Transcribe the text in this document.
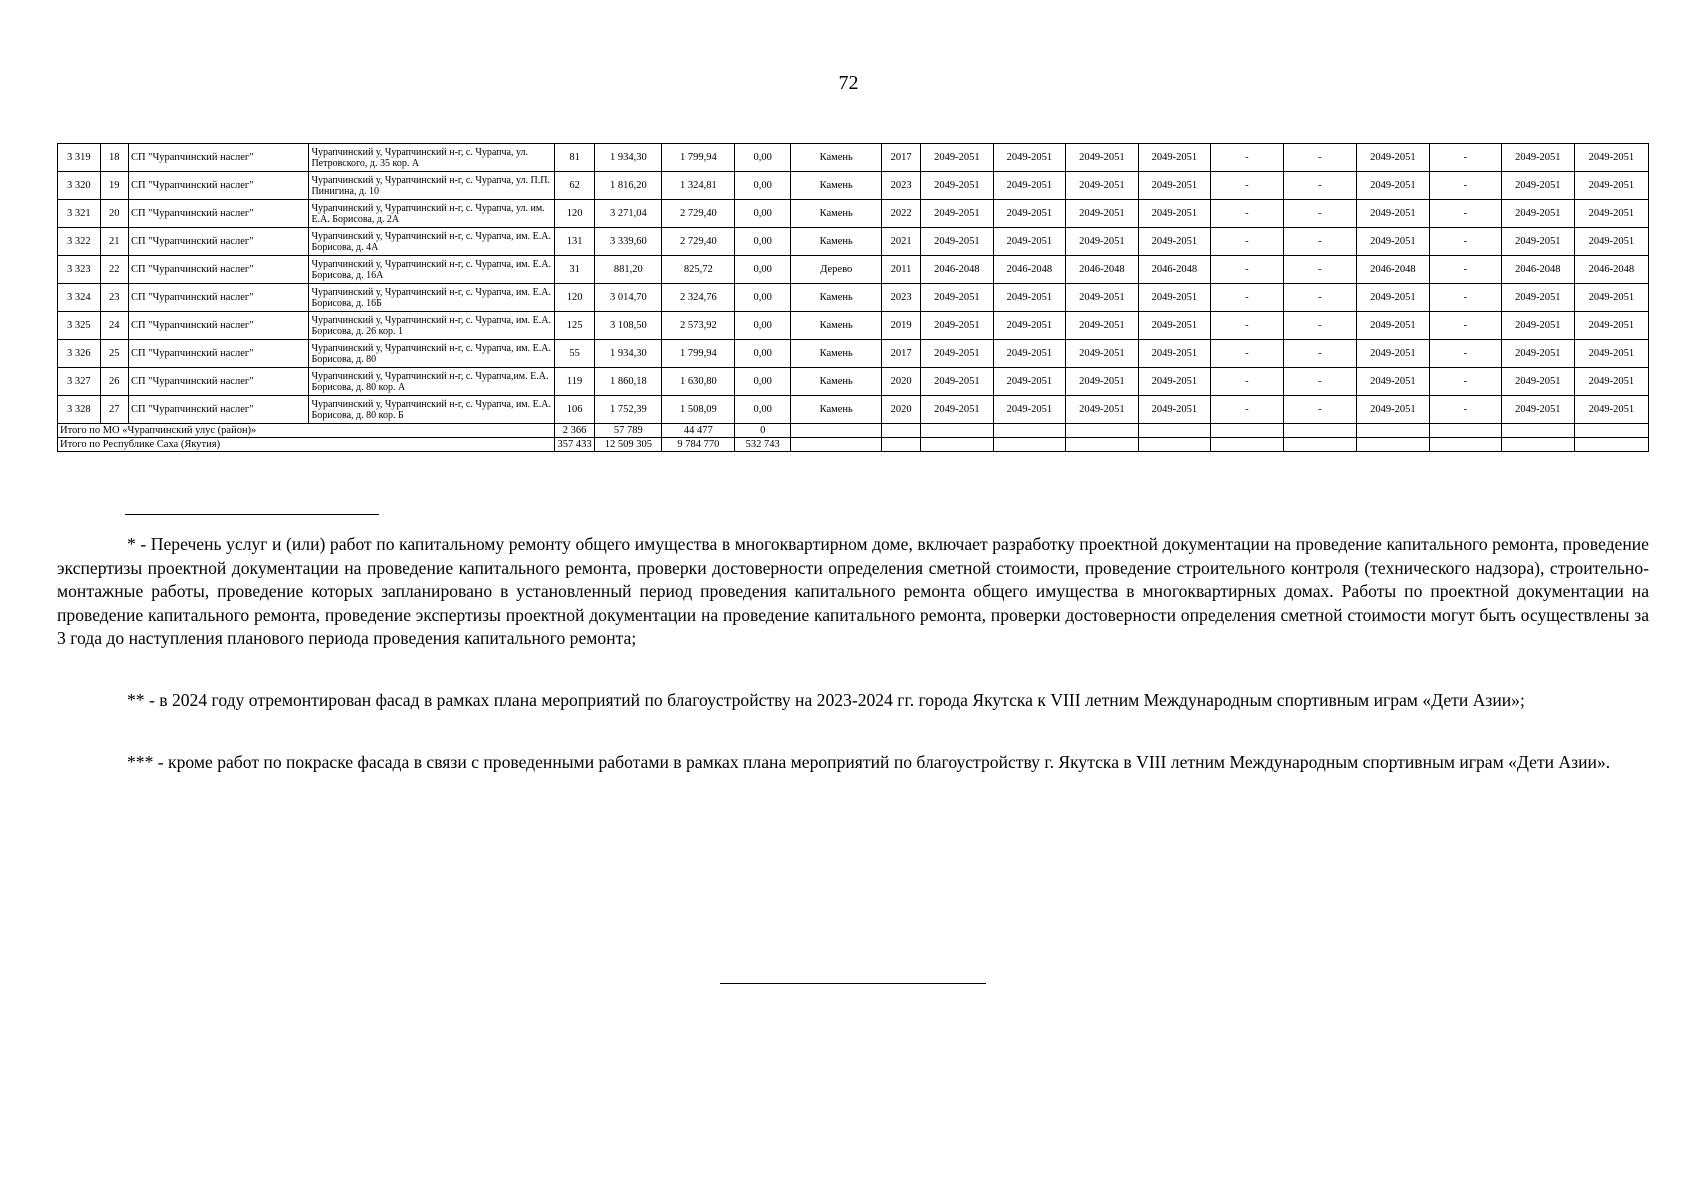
72
3 319	18	СП "Чурапчинский наслег"	Чурапчинский у, Чурапчинский н-г, с. Чурапча, ул. Петровского, д. 35 кор. А	81	1 934,30	1 799,94	0,00	Камень	2017	2049-2051	2049-2051	2049-2051	2049-2051	-	-	2049-2051	-	2049-2051	2049-2051
3 320	19	СП "Чурапчинский наслег"	Чурапчинский у, Чурапчинский н-г, с. Чурапча, ул. П.П. Пинигина, д. 10	62	1 816,20	1 324,81	0,00	Камень	2023	2049-2051	2049-2051	2049-2051	2049-2051	-	-	2049-2051	-	2049-2051	2049-2051
3 321	20	СП "Чурапчинский наслег"	Чурапчинский у, Чурапчинский н-г, с. Чурапча, ул. им. Е.А. Борисова, д. 2А	120	3 271,04	2 729,40	0,00	Камень	2022	2049-2051	2049-2051	2049-2051	2049-2051	-	-	2049-2051	-	2049-2051	2049-2051
3 322	21	СП "Чурапчинский наслег"	Чурапчинский у, Чурапчинский н-г, с. Чурапча, им. Е.А. Борисова, д. 4А	131	3 339,60	2 729,40	0,00	Камень	2021	2049-2051	2049-2051	2049-2051	2049-2051	-	-	2049-2051	-	2049-2051	2049-2051
3 323	22	СП "Чурапчинский наслег"	Чурапчинский у, Чурапчинский н-г, с. Чурапча, им. Е.А. Борисова, д. 16А	31	881,20	825,72	0,00	Дерево	2011	2046-2048	2046-2048	2046-2048	2046-2048	-	-	2046-2048	-	2046-2048	2046-2048
3 324	23	СП "Чурапчинский наслег"	Чурапчинский у, Чурапчинский н-г, с. Чурапча, им. Е.А. Борисова, д. 16Б	120	3 014,70	2 324,76	0,00	Камень	2023	2049-2051	2049-2051	2049-2051	2049-2051	-	-	2049-2051	-	2049-2051	2049-2051
3 325	24	СП "Чурапчинский наслег"	Чурапчинский у, Чурапчинский н-г, с. Чурапча, им. Е.А. Борисова, д. 26 кор. 1	125	3 108,50	2 573,92	0,00	Камень	2019	2049-2051	2049-2051	2049-2051	2049-2051	-	-	2049-2051	-	2049-2051	2049-2051
3 326	25	СП "Чурапчинский наслег"	Чурапчинский у, Чурапчинский н-г, с. Чурапча, им. Е.А. Борисова, д. 80	55	1 934,30	1 799,94	0,00	Камень	2017	2049-2051	2049-2051	2049-2051	2049-2051	-	-	2049-2051	-	2049-2051	2049-2051
3 327	26	СП "Чурапчинский наслег"	Чурапчинский у, Чурапчинский н-г, с. Чурапча,им. Е.А. Борисова, д. 80 кор. А	119	1 860,18	1 630,80	0,00	Камень	2020	2049-2051	2049-2051	2049-2051	2049-2051	-	-	2049-2051	-	2049-2051	2049-2051
3 328	27	СП "Чурапчинский наслег"	Чурапчинский у, Чурапчинский н-г, с. Чурапча, им. Е.А. Борисова, д. 80 кор. Б	106	1 752,39	1 508,09	0,00	Камень	2020	2049-2051	2049-2051	2049-2051	2049-2051	-	-	2049-2051	-	2049-2051	2049-2051
Итого по МО «Чурапчинский улус (район)»				2 366	57 789	44 477	0												
Итого по Республике Саха (Якутия)				357 433	12 509 305	9 784 770	532 743												

* - Перечень услуг и (или) работ по капитальному ремонту общего имущества в многоквартирном доме, включает разработку проектной документации на проведение капитального ремонта, проведение экспертизы проектной документации на проведение капитального ремонта, проверки достоверности определения сметной стоимости, проведение строительного контроля (технического надзора), строительно-монтажные работы, проведение которых запланировано в установленный период проведения капитального ремонта общего имущества в многоквартирных домах. Работы по проектной документации на проведение капитального ремонта, проведение экспертизы проектной документации на проведение капитального ремонта, проверки достоверности определения сметной стоимости могут быть осуществлены за 3 года до наступления планового периода проведения капитального ремонта;

** - в 2024 году отремонтирован фасад в рамках плана мероприятий по благоустройству на 2023-2024 гг. города Якутска к VIII летним Международным спортивным играм «Дети Азии»;

*** - кроме работ по покраске фасада в связи с проведенными работами в рамках плана мероприятий по благоустройству г. Якутска в VIII летним Международным спортивным играм «Дети Азии».
